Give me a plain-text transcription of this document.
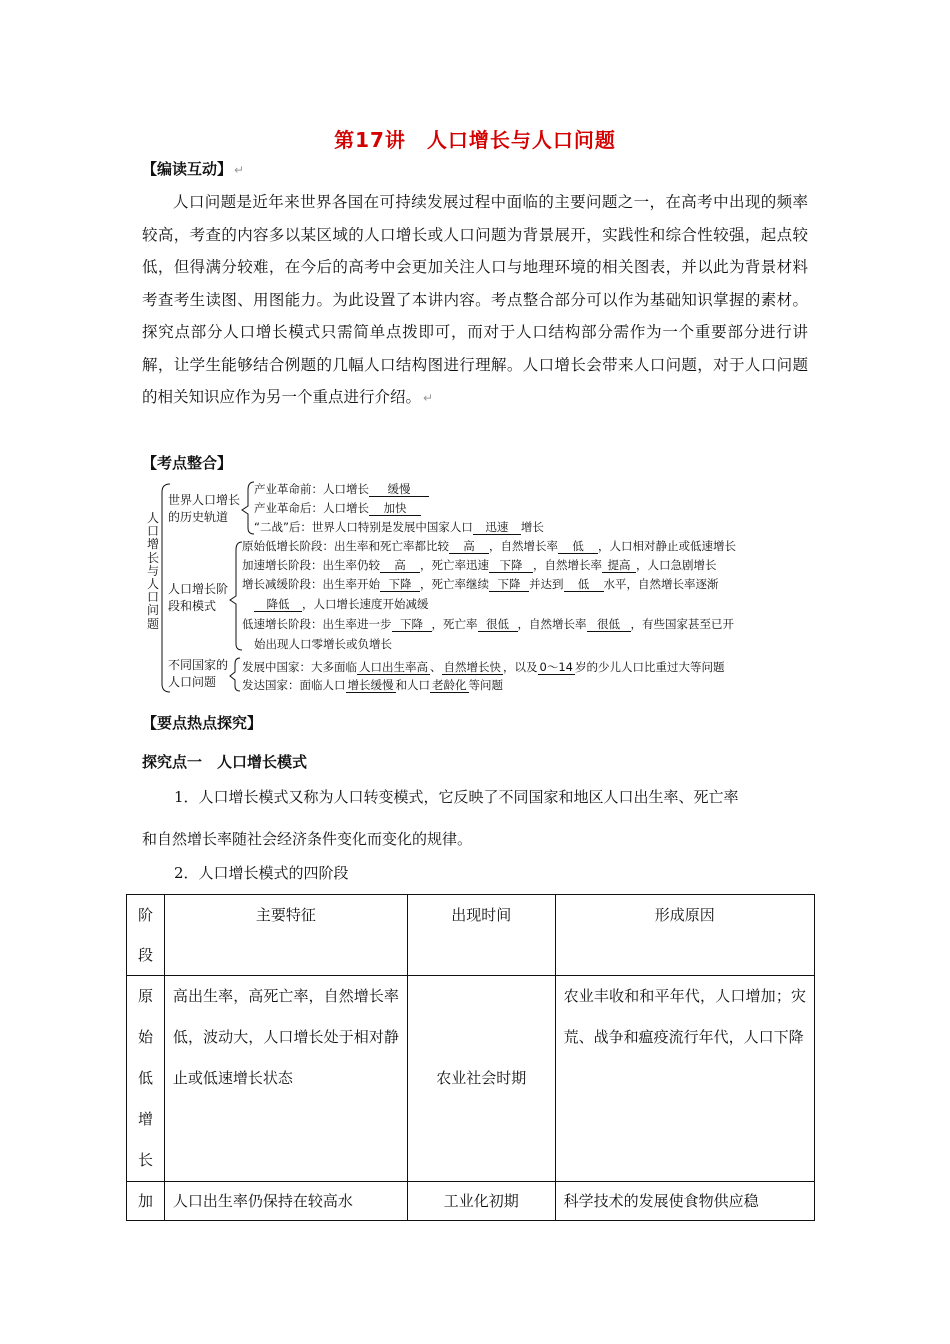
第17讲　人口增长与人口问题
【编读互动】 ↵

人口问题是近年来世界各国在可持续发展过程中面临的主要问题之一，在高考中出现的频率较高，考查的内容多以某区域的人口增长或人口问题为背景展开，实践性和综合性较强，起点较低，但得满分较难，在今后的高考中会更加关注人口与地理环境的相关图表，并以此为背景材料考查考生读图、用图能力。为此设置了本讲内容。考点整合部分可以作为基础知识掌握的素材。探究点部分人口增长模式只需简单点拨即可，而对于人口结构部分需作为一个重要部分进行讲解，让学生能够结合例题的几幅人口结构图进行理解。人口增长会带来人口问题，对于人口问题的相关知识应作为另一个重点进行介绍。 ↵

【考点整合】
人口增长与人口问题
世界人口增长的历史轨道
产业革命前：人口增长 缓慢
产业革命后：人口增长 加快
“二战”后：世界人口特别是发展中国家人口 迅速 增长
人口增长阶段和模式
原始低增长阶段：出生率和死亡率都比较 高 ，自然增长率 低 ，人口相对静止或低速增长
加速增长阶段：出生率仍较 高 ，死亡率迅速 下降 ，自然增长率 提高 ，人口急剧增长
增长减缓阶段：出生率开始 下降 ，死亡率继续 下降 并达到 低 水平，自然增长率逐渐
降低 ，人口增长速度开始减缓
低速增长阶段：出生率进一步 下降 ，死亡率 很低 ，自然增长率 很低 ，有些国家甚至已开
始出现人口零增长或负增长
不同国家的人口问题
发展中国家：大多面临 人口出生率高 、 自然增长快 ，以及 0～14 岁的少儿人口比重过大等问题
发达国家：面临人口 增长缓慢 和人口 老龄化 等问题
【要点热点探究】
探究点一　人口增长模式
1．人口增长模式又称为人口转变模式，它反映了不同国家和地区人口出生率、死亡率
和自然增长率随社会经济条件变化而变化的规律。
2．人口增长模式的四阶段
阶段	主要特征	出现时间	形成原因

原始低增长	高出生率，高死亡率，自然增长率低，波动大，人口增长处于相对静止或低速增长状态	农业社会时期	农业丰收和和平年代，人口增加；灾荒、战争和瘟疫流行年代，人口下降

加	人口出生率仍保持在较高水	工业化初期	科学技术的发展使食物供应稳
